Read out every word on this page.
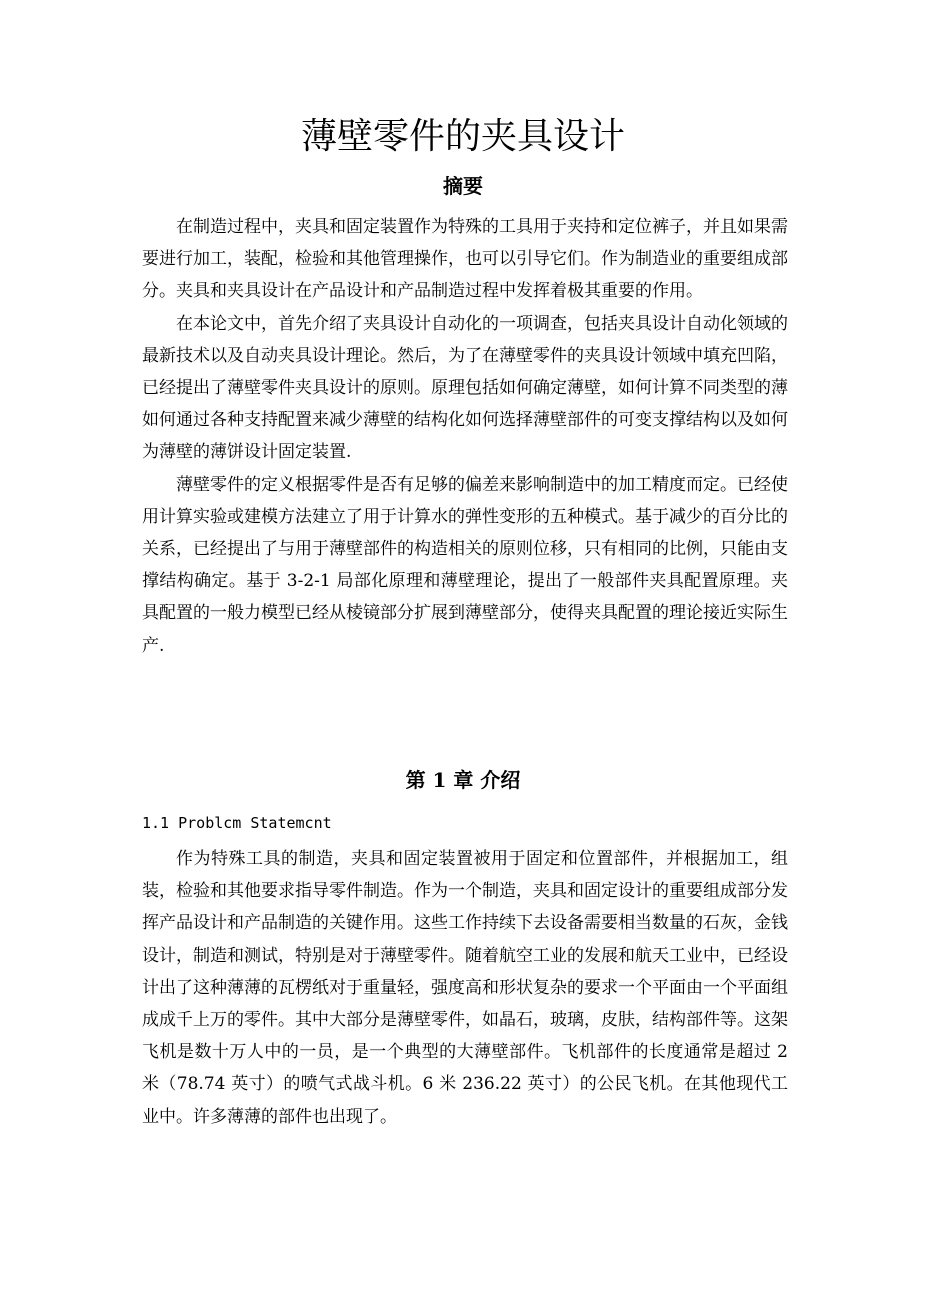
薄壁零件的夹具设计
摘要

在制造过程中，夹具和固定装置作为特殊的工具用于夹持和定位裤子，并且如果需要进行加工，装配，检验和其他管理操作，也可以引导它们。作为制造业的重要组成部分。夹具和夹具设计在产品设计和产品制造过程中发挥着极其重要的作用。

在本论文中，首先介绍了夹具设计自动化的一项调查，包括夹具设计自动化领域的最新技术以及自动夹具设计理论。然后，为了在薄壁零件的夹具设计领域中填充凹陷，已经提出了薄壁零件夹具设计的原则。原理包括如何确定薄壁，如何计算不同类型的薄如何通过各种支持配置来减少薄壁的结构化如何选择薄壁部件的可变支撑结构以及如何为薄壁的薄饼设计固定装置.

薄壁零件的定义根据零件是否有足够的偏差来影响制造中的加工精度而定。已经使用计算实验或建模方法建立了用于计算水的弹性变形的五种模式。基于减少的百分比的关系，已经提出了与用于薄壁部件的构造相关的原则位移，只有相同的比例，只能由支撑结构确定。基于 3-2-1 局部化原理和薄壁理论，提出了一般部件夹具配置原理。夹具配置的一般力模型已经从棱镜部分扩展到薄壁部分，使得夹具配置的理论接近实际生产.

第 1 章 介绍
1.1 Problcm Statemcnt

作为特殊工具的制造，夹具和固定装置被用于固定和位置部件，并根据加工，组装，检验和其他要求指导零件制造。作为一个制造，夹具和固定设计的重要组成部分发挥产品设计和产品制造的关键作用。这些工作持续下去设备需要相当数量的石灰，金钱设计，制造和测试，特别是对于薄壁零件。随着航空工业的发展和航天工业中，已经设计出了这种薄薄的瓦楞纸对于重量轻，强度高和形状复杂的要求一个平面由一个平面组成成千上万的零件。其中大部分是薄壁零件，如晶石，玻璃，皮肤，结构部件等。这架飞机是数十万人中的一员，是一个典型的大薄壁部件。飞机部件的长度通常是超过 2 米（78.74 英寸）的喷气式战斗机。6 米 236.22 英寸）的公民飞机。在其他现代工业中。许多薄薄的部件也出现了。
